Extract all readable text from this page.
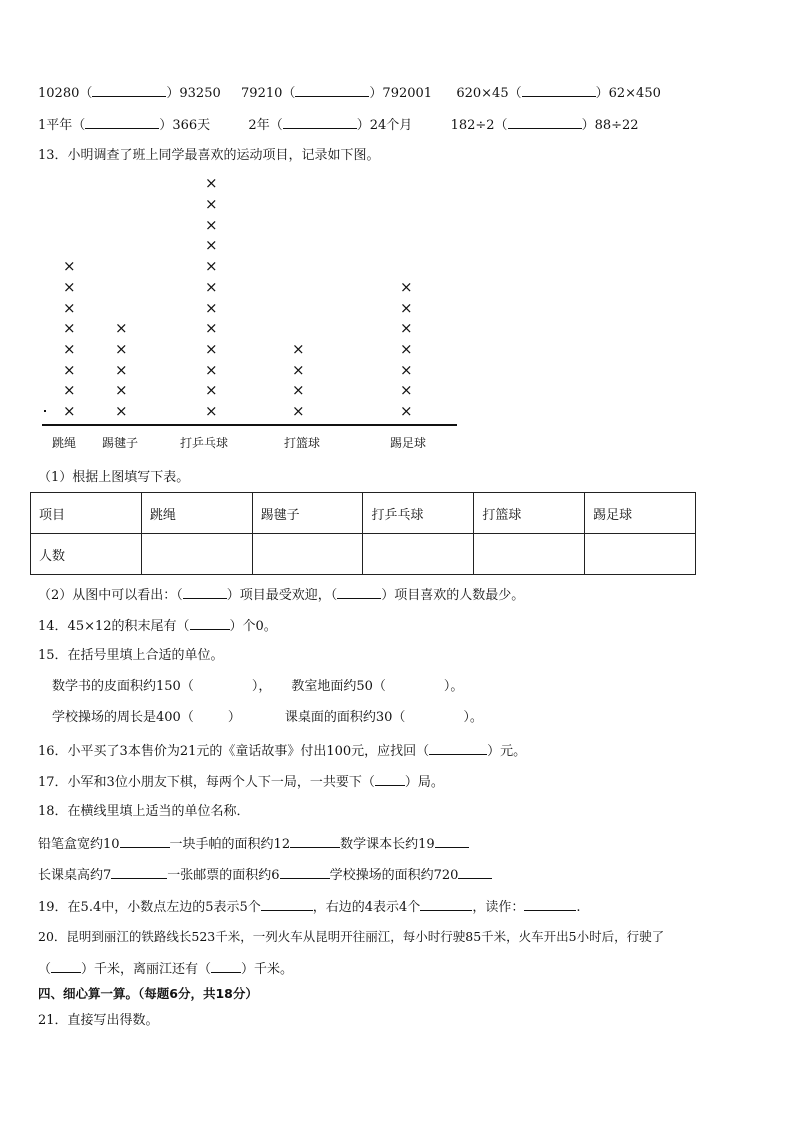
10280（	）93250 79210（	）792001 620×45（	）62×450
1平年（	）366天	2年（	）24个月	182÷2（	）88÷22
13．小明调查了班上同学最喜欢的运动项目，记录如下图。
×
×
×
×
×
×
×
×
跳绳
×
×
×
×
×
踢毽子
×
×
×
×
×
×
×
×
×
×
×
×
打乒乓球
×
×
×
×
打篮球
×
×
×
×
×
×
×
踢足球
（1）根据上图填写下表。
项目	跳绳	踢毽子	打乒乓球	打篮球	踢足球
人数					
（2）从图中可以看出：（	）项目最受欢迎，（	）项目喜欢的人数最少。
14．45×12的积末尾有（	）个0。
15．在括号里填上合适的单位。
数学书的皮面积约150（	）， 教室地面约50（	）。
学校操场的周长是400（	）	课桌面的面积约30（	）。
16．小平买了3本售价为21元的《童话故事》付出100元，应找回（	）元。
17．小军和3位小朋友下棋，每两个人下一局，一共要下（ ）局。
18．在横线里填上适当的单位名称．
铅笔盒宽约10	一块手帕的面积约12	数学课本长约19
长课桌高约7	一张邮票的面积约6	学校操场的面积约720
19．在5.4中，小数点左边的5表示5个	，右边的4表示4个	，读作：	.
20．昆明到丽江的铁路线长523千米，一列火车从昆明开往丽江，每小时行驶85千米，火车开出5小时后，行驶了
（ ）千米，离丽江还有（ ）千米。
四、细心算一算。（每题6分，共18分）
21．直接写出得数。
